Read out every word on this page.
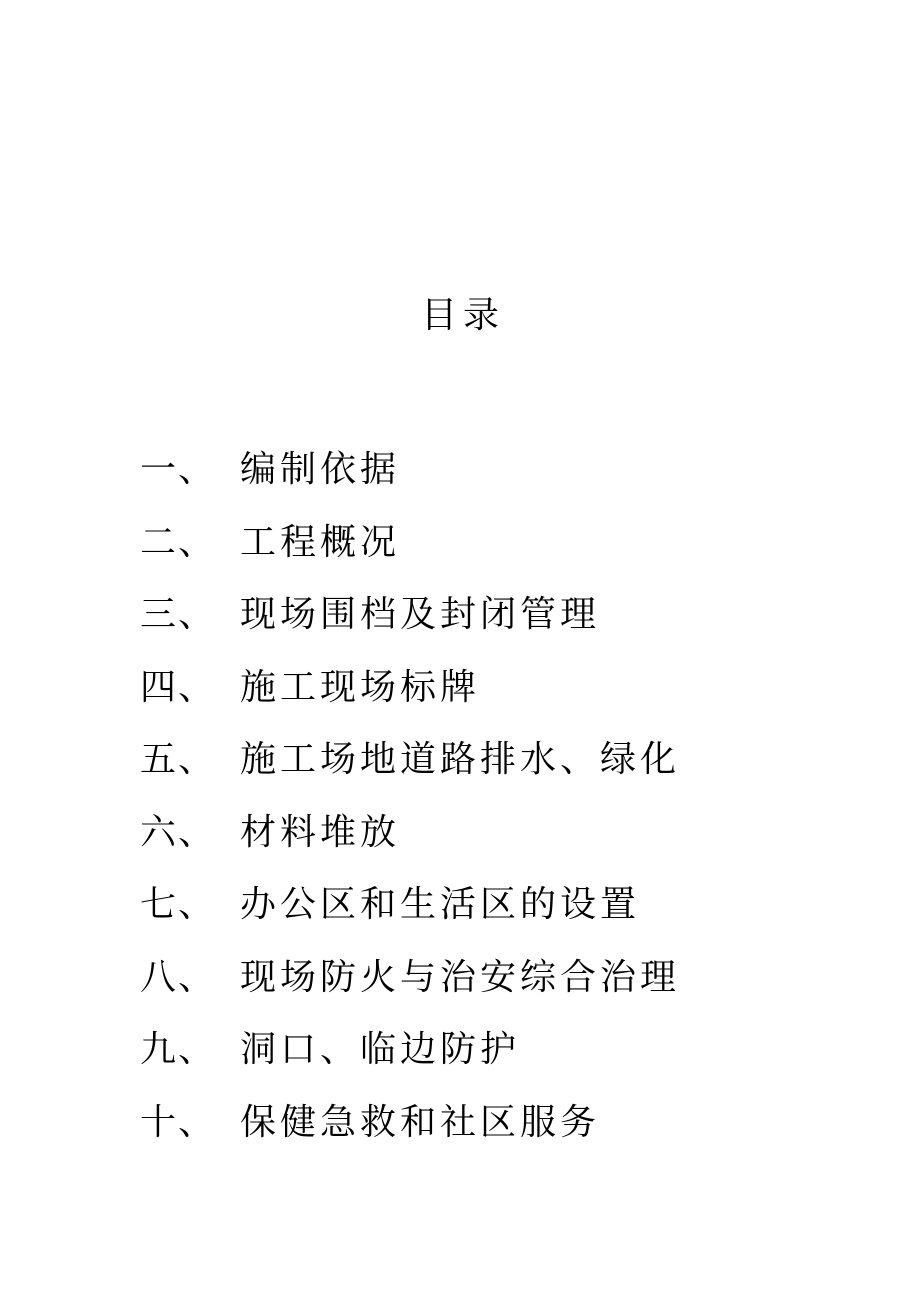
目录
一、 编制依据
二、 工程概况
三、 现场围档及封闭管理
四、 施工现场标牌
五、 施工场地道路排水、绿化
六、 材料堆放
七、 办公区和生活区的设置
八、 现场防火与治安综合治理
九、 洞口、临边防护
十、 保健急救和社区服务
